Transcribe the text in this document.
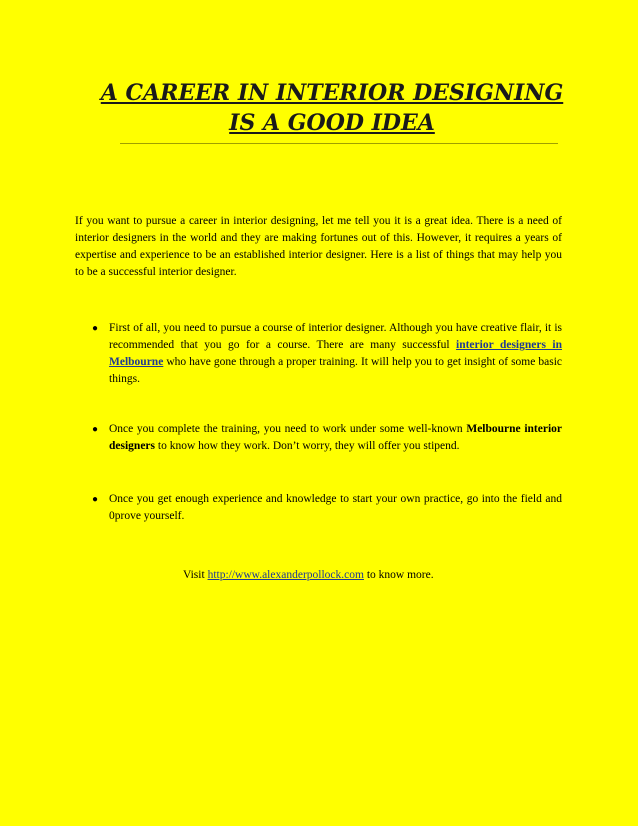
A CAREER IN INTERIOR DESIGNING
IS A GOOD IDEA
If you want to pursue a career in interior designing, let me tell you it is a great idea. There is a need of interior designers in the world and they are making fortunes out of this. However, it requires a years of expertise and experience to be an established interior designer. Here is a list of things that may help you to be a successful interior designer.
● First of all, you need to pursue a course of interior designer. Although you have creative flair, it is recommended that you go for a course. There are many successful interior designers in Melbourne who have gone through a proper training. It will help you to get insight of some basic things.
● Once you complete the training, you need to work under some well-known Melbourne interior designers to know how they work. Don’t worry, they will offer you stipend.
● Once you get enough experience and knowledge to start your own practice, go into the field and 0prove yourself.
Visit http://www.alexanderpollock.com to know more.
